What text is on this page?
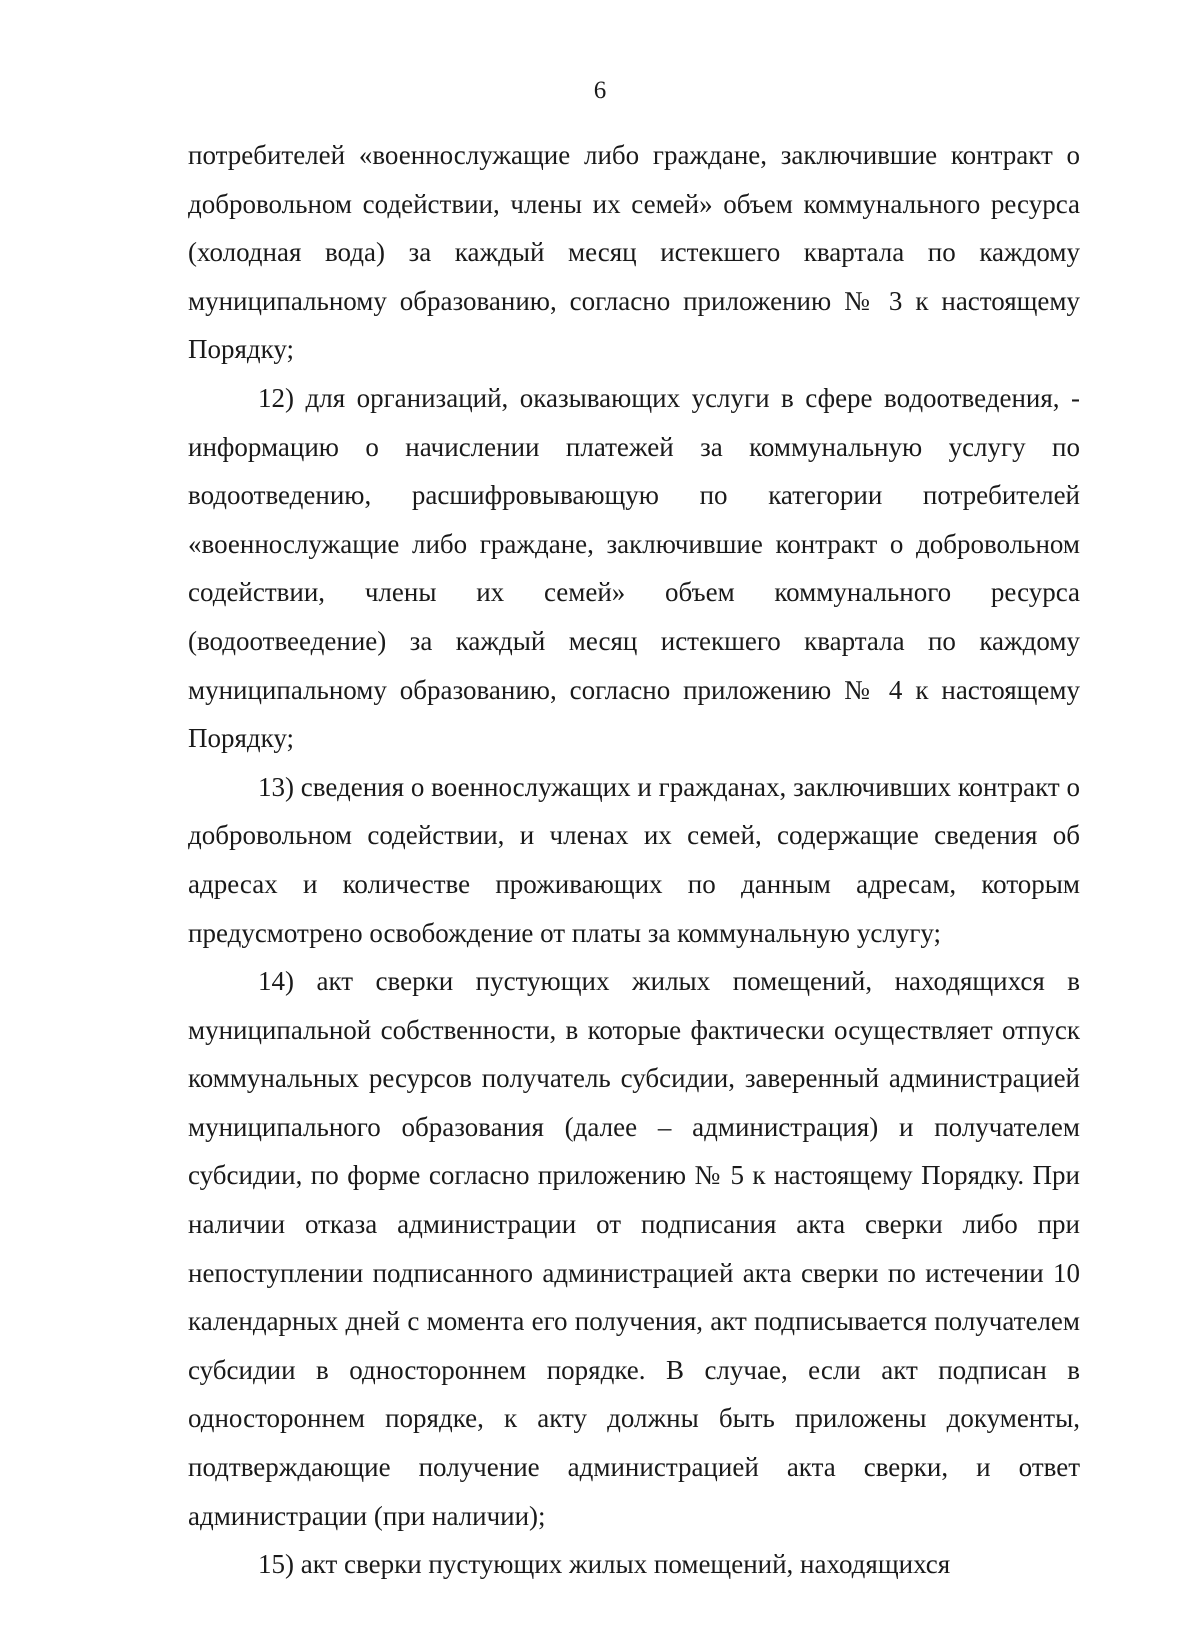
6

потребителей «военнослужащие либо граждане, заключившие контракт о добровольном содействии, члены их семей» объем коммунального ресурса (холодная вода) за каждый месяц истекшего квартала по каждому муниципальному образованию, согласно приложению № 3 к настоящему Порядку;

12) для организаций, оказывающих услуги в сфере водоотведения, - информацию о начислении платежей за коммунальную услугу по водоотведению, расшифровывающую по категории потребителей «военнослужащие либо граждане, заключившие контракт о добровольном содействии, члены их семей» объем коммунального ресурса (водоотвеедение) за каждый месяц истекшего квартала по каждому муниципальному образованию, согласно приложению № 4 к настоящему Порядку;

13) сведения о военнослужащих и гражданах, заключивших контракт о добровольном содействии, и членах их семей, содержащие сведения об адресах и количестве проживающих по данным адресам, которым предусмотрено освобождение от платы за коммунальную услугу;

14) акт сверки пустующих жилых помещений, находящихся в муниципальной собственности, в которые фактически осуществляет отпуск коммунальных ресурсов получатель субсидии, заверенный администрацией муниципального образования (далее – администрация) и получателем субсидии, по форме согласно приложению № 5 к настоящему Порядку. При наличии отказа администрации от подписания акта сверки либо при непоступлении подписанного администрацией акта сверки по истечении 10 календарных дней с момента его получения, акт подписывается получателем субсидии в одностороннем порядке. В случае, если акт подписан в одностороннем порядке, к акту должны быть приложены документы, подтверждающие получение администрацией акта сверки, и ответ администрации (при наличии);

15) акт сверки пустующих жилых помещений, находящихся
